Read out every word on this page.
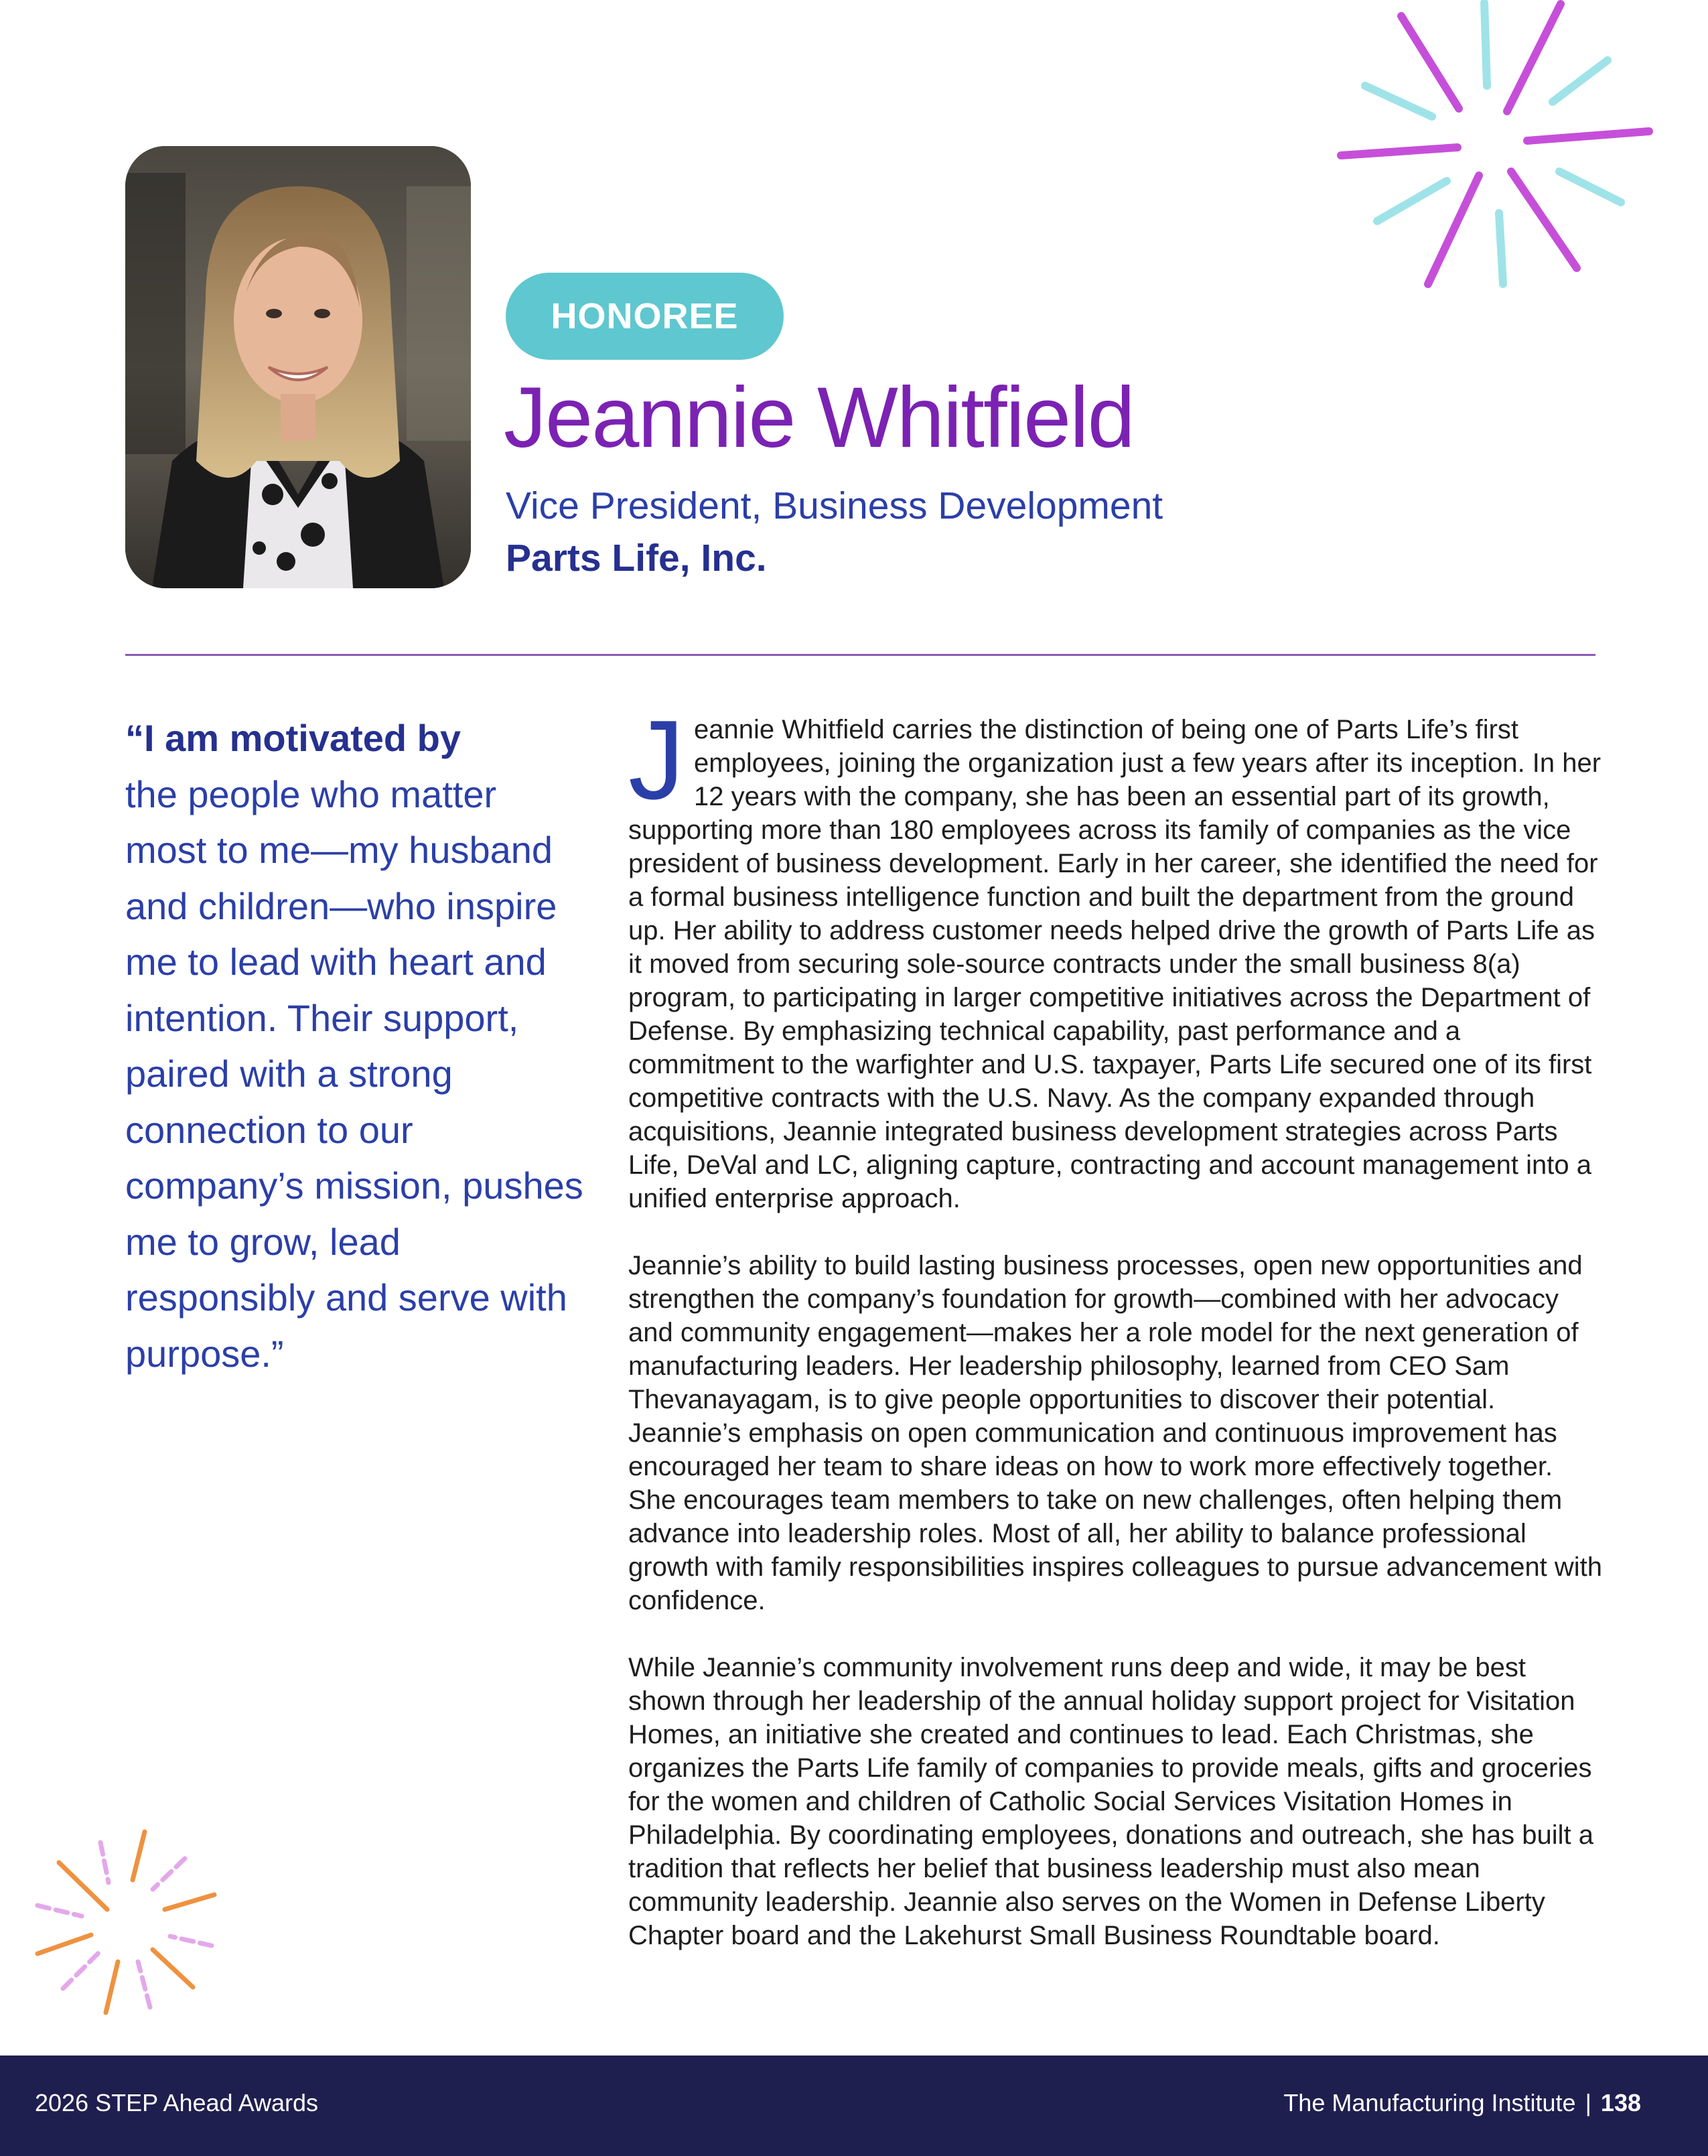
HONOREE
Jeannie Whitfield
Vice President, Business Development
Parts Life, Inc.
“I am motivated by
the people who matter most to me—my husband and children—who inspire me to lead with heart and intention. Their support, paired with a strong connection to our company’s mission, pushes me to grow, lead responsibly and serve with purpose.”

Jeannie Whitfield carries the distinction of being one of Parts Life’s first employees, joining the organization just a few years after its inception. In her 12 years with the company, she has been an essential part of its growth, supporting more than 180 employees across its family of companies as the vice president of business development. Early in her career, she identified the need for a formal business intelligence function and built the department from the ground up. Her ability to address customer needs helped drive the growth of Parts Life as it moved from securing sole-source contracts under the small business 8(a) program, to participating in larger competitive initiatives across the Department of Defense. By emphasizing technical capability, past performance and a commitment to the warfighter and U.S. taxpayer, Parts Life secured one of its first competitive contracts with the U.S. Navy. As the company expanded through acquisitions, Jeannie integrated business development strategies across Parts Life, DeVal and LC, aligning capture, contracting and account management into a unified enterprise approach.

Jeannie’s ability to build lasting business processes, open new opportunities and strengthen the company’s foundation for growth—combined with her advocacy and community engagement—makes her a role model for the next generation of manufacturing leaders. Her leadership philosophy, learned from CEO Sam Thevanayagam, is to give people opportunities to discover their potential. Jeannie’s emphasis on open communication and continuous improvement has encouraged her team to share ideas on how to work more effectively together. She encourages team members to take on new challenges, often helping them advance into leadership roles. Most of all, her ability to balance professional growth with family responsibilities inspires colleagues to pursue advancement with confidence.

While Jeannie’s community involvement runs deep and wide, it may be best shown through her leadership of the annual holiday support project for Visitation Homes, an initiative she created and continues to lead. Each Christmas, she organizes the Parts Life family of companies to provide meals, gifts and groceries for the women and children of Catholic Social Services Visitation Homes in Philadelphia. By coordinating employees, donations and outreach, she has built a tradition that reflects her belief that business leadership must also mean community leadership. Jeannie also serves on the Women in Defense Liberty Chapter board and the Lakehurst Small Business Roundtable board.

2026 STEP Ahead Awards	The Manufacturing Institute | 138
